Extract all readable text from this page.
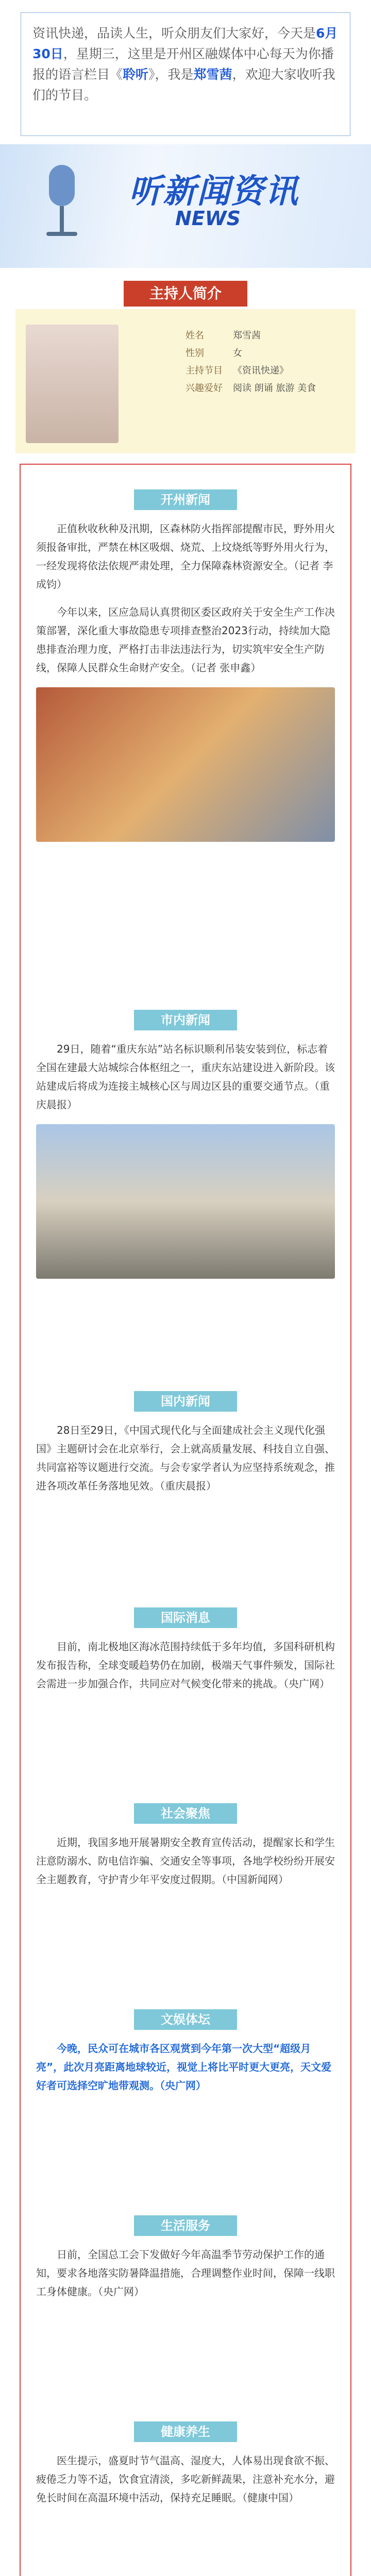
资讯快递，品读人生，听众朋友们大家好，今天是6月30日，星期三，这里是开州区融媒体中心每天为你播报的语言栏目《聆听》，我是郑雪茜，欢迎大家收听我们的节目。
听新闻资讯
NEWS
主持人简介
姓名	郑雪茜
性别	女
主持节目 《资讯快递》
兴趣爱好 阅读 朗诵 旅游 美食
开州新闻

正值秋收秋种及汛期，区森林防火指挥部提醒市民，野外用火须报备审批，严禁在林区吸烟、烧荒、上坟烧纸等野外用火行为，一经发现将依法依规严肃处理，全力保障森林资源安全。（记者 李成钧）

今年以来，区应急局认真贯彻区委区政府关于安全生产工作决策部署，深化重大事故隐患专项排查整治2023行动，持续加大隐患排查治理力度，严格打击非法违法行为，切实筑牢安全生产防线，保障人民群众生命财产安全。（记者 张申鑫）

市内新闻

29日，随着“重庆东站”站名标识顺利吊装安装到位，标志着全国在建最大站城综合体枢纽之一，重庆东站建设进入新阶段。该站建成后将成为连接主城核心区与周边区县的重要交通节点。（重庆晨报）

国内新闻

28日至29日，《中国式现代化与全面建成社会主义现代化强国》主题研讨会在北京举行，会上就高质量发展、科技自立自强、共同富裕等议题进行交流。与会专家学者认为应坚持系统观念，推进各项改革任务落地见效。（重庆晨报）

国际消息

目前，南北极地区海冰范围持续低于多年均值，多国科研机构发布报告称，全球变暖趋势仍在加剧，极端天气事件频发，国际社会需进一步加强合作，共同应对气候变化带来的挑战。（央广网）

社会聚焦

近期，我国多地开展暑期安全教育宣传活动，提醒家长和学生注意防溺水、防电信诈骗、交通安全等事项，各地学校纷纷开展安全主题教育，守护青少年平安度过假期。（中国新闻网）

文娱体坛

今晚，民众可在城市各区观赏到今年第一次大型“超级月亮”，此次月亮距离地球较近，视觉上将比平时更大更亮，天文爱好者可选择空旷地带观测。（央广网）

生活服务

日前，全国总工会下发做好今年高温季节劳动保护工作的通知，要求各地落实防暑降温措施，合理调整作业时间，保障一线职工身体健康。（央广网）

健康养生

医生提示，盛夏时节气温高、湿度大，人体易出现食欲不振、疲倦乏力等不适，饮食宜清淡，多吃新鲜蔬果，注意补充水分，避免长时间在高温环境中活动，保持充足睡眠。（健康中国）
